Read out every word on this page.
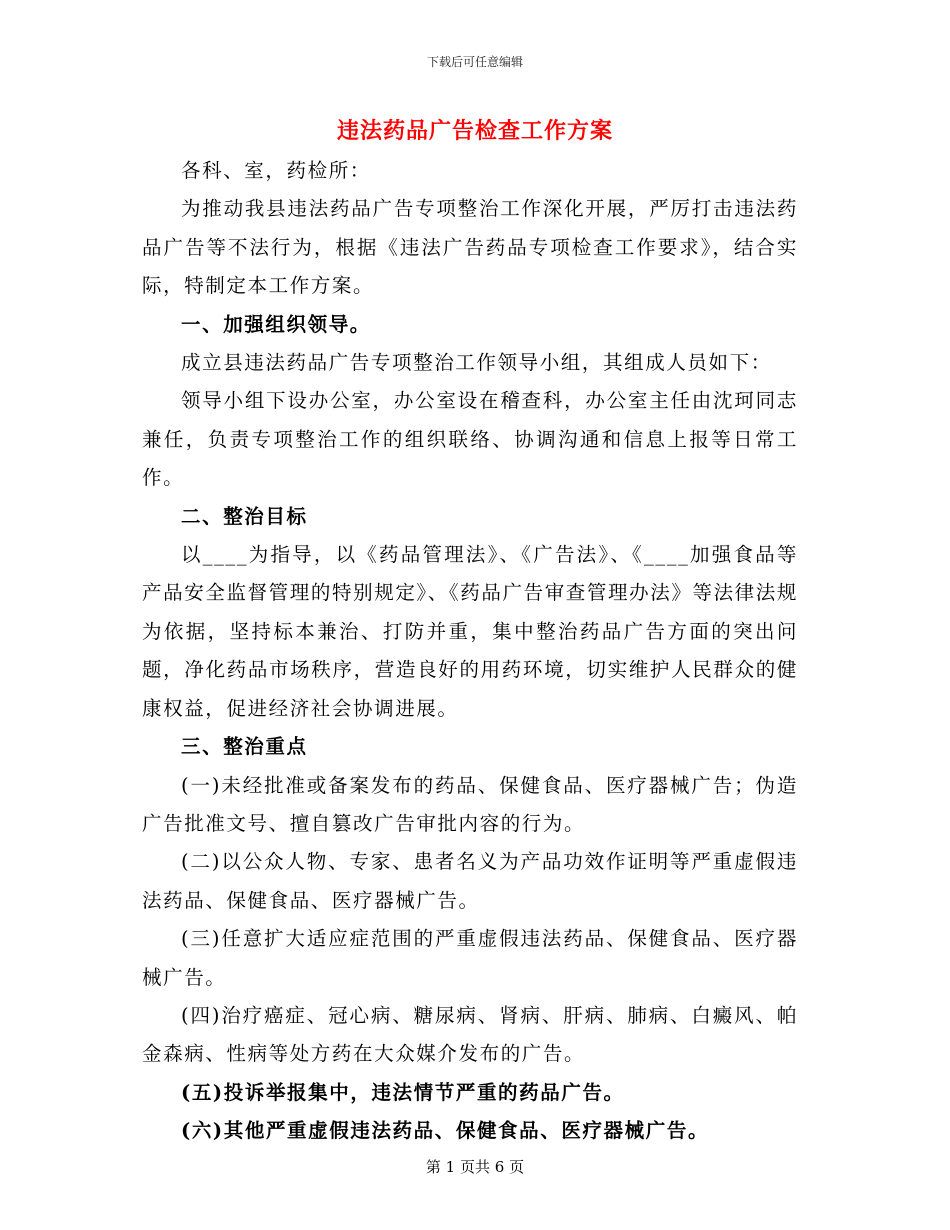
下载后可任意编辑
违法药品广告检查工作方案

各科、室，药检所：

为推动我县违法药品广告专项整治工作深化开展，严厉打击违法药品广告等不法行为，根据《违法广告药品专项检查工作要求》，结合实际，特制定本工作方案。

一、加强组织领导。

成立县违法药品广告专项整治工作领导小组，其组成人员如下：

领导小组下设办公室，办公室设在稽查科，办公室主任由沈珂同志兼任，负责专项整治工作的组织联络、协调沟通和信息上报等日常工作。

二、整治目标

以____为指导，以《药品管理法》、《广告法》、《____加强食品等产品安全监督管理的特别规定》、《药品广告审查管理办法》等法律法规为依据，坚持标本兼治、打防并重，集中整治药品广告方面的突出问题，净化药品市场秩序，营造良好的用药环境，切实维护人民群众的健康权益，促进经济社会协调进展。

三、整治重点

(一)未经批准或备案发布的药品、保健食品、医疗器械广告；伪造广告批准文号、擅自篡改广告审批内容的行为。

(二)以公众人物、专家、患者名义为产品功效作证明等严重虚假违法药品、保健食品、医疗器械广告。

(三)任意扩大适应症范围的严重虚假违法药品、保健食品、医疗器械广告。

(四)治疗癌症、冠心病、糖尿病、肾病、肝病、肺病、白癜风、帕金森病、性病等处方药在大众媒介发布的广告。

(五)投诉举报集中，违法情节严重的药品广告。

(六)其他严重虚假违法药品、保健食品、医疗器械广告。

第 1 页共 6 页
